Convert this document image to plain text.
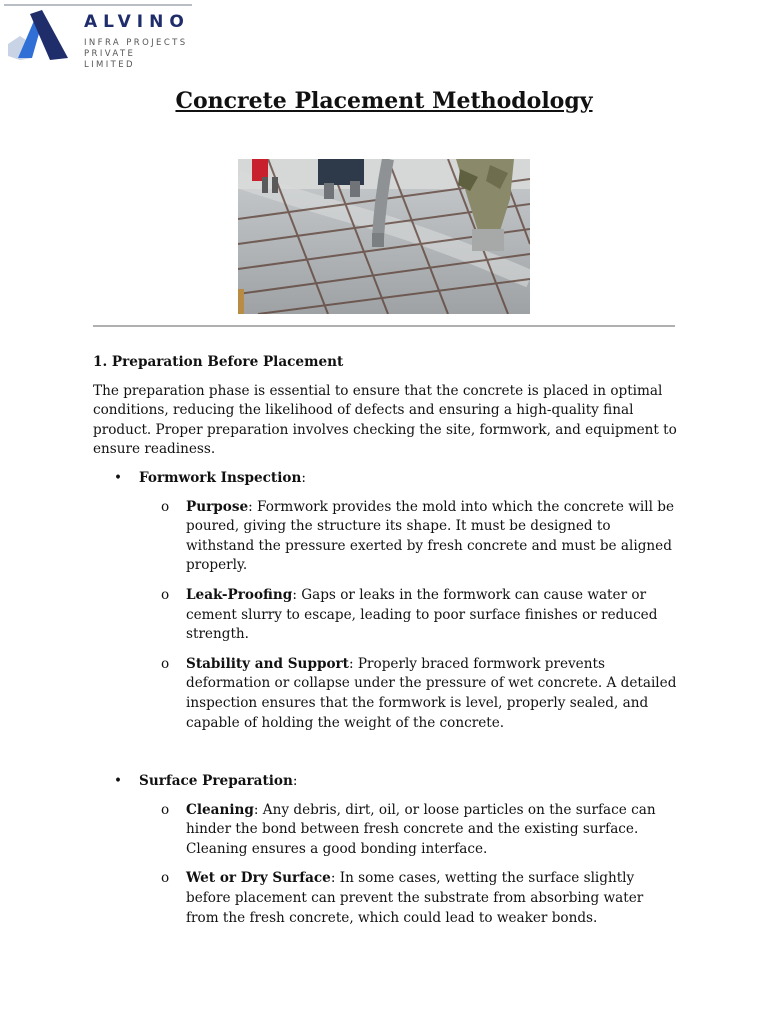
ALVINO
INFRA PROJECTS
PRIVATE LIMITED
Concrete Placement Methodology
1. Preparation Before Placement

The preparation phase is essential to ensure that the concrete is placed in optimal conditions, reducing the likelihood of defects and ensuring a high-quality final product. Proper preparation involves checking the site, formwork, and equipment to ensure readiness.

• Formwork Inspection:
o Purpose: Formwork provides the mold into which the concrete will be poured, giving the structure its shape. It must be designed to withstand the pressure exerted by fresh concrete and must be aligned properly.
o Leak-Proofing: Gaps or leaks in the formwork can cause water or cement slurry to escape, leading to poor surface finishes or reduced strength.
o Stability and Support: Properly braced formwork prevents deformation or collapse under the pressure of wet concrete. A detailed inspection ensures that the formwork is level, properly sealed, and capable of holding the weight of the concrete.
• Surface Preparation:
o Cleaning: Any debris, dirt, oil, or loose particles on the surface can hinder the bond between fresh concrete and the existing surface. Cleaning ensures a good bonding interface.
o Wet or Dry Surface: In some cases, wetting the surface slightly before placement can prevent the substrate from absorbing water from the fresh concrete, which could lead to weaker bonds.
